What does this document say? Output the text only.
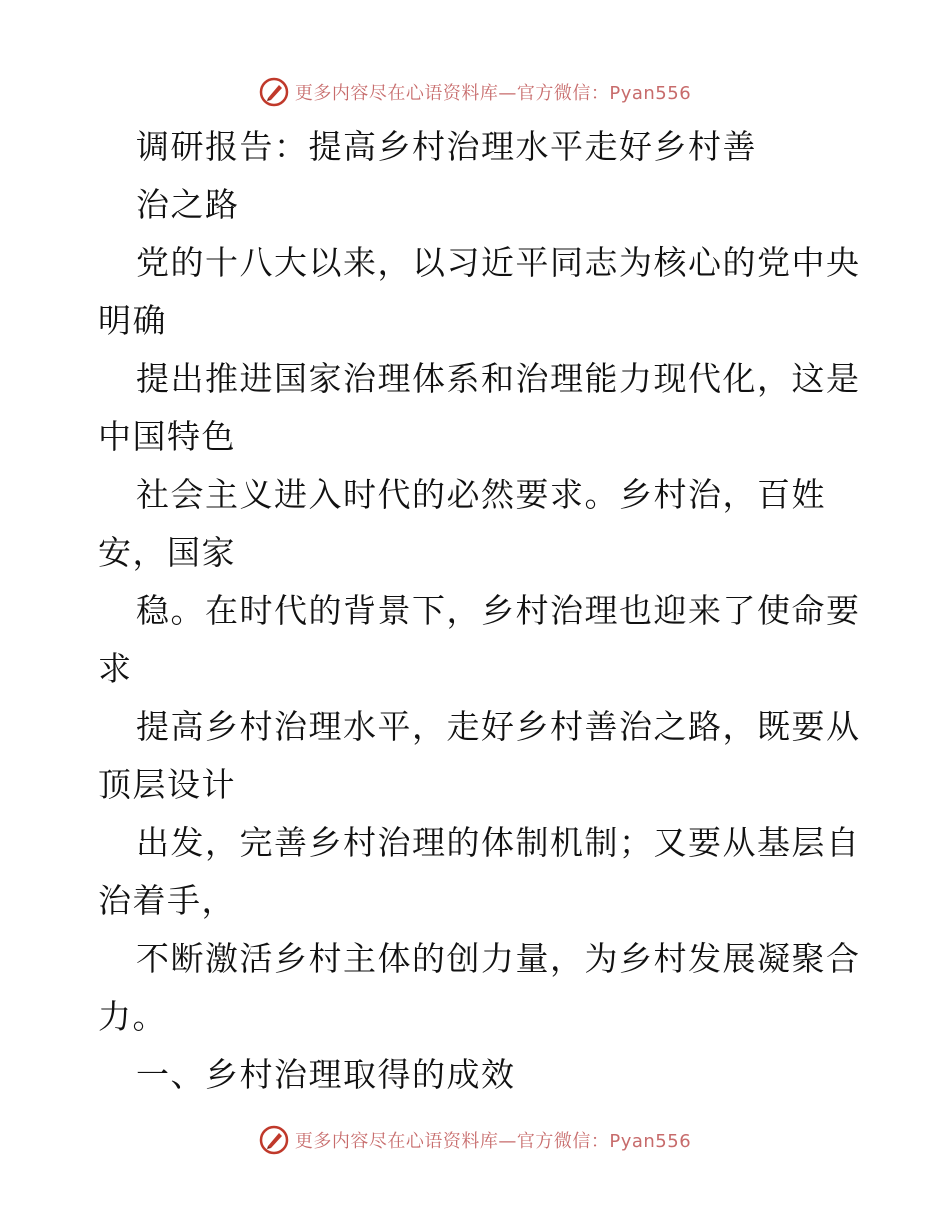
更多内容尽在心语资料库—官方微信：Pyan556
调研报告：提高乡村治理水平走好乡村善
治之路
党的十八大以来，以习近平同志为核心的党中央
明确
提出推进国家治理体系和治理能力现代化，这是
中国特色
社会主义进入时代的必然要求。乡村治，百姓
安，国家
稳。在时代的背景下，乡村治理也迎来了使命要
求
提高乡村治理水平，走好乡村善治之路，既要从
顶层设计
出发，完善乡村治理的体制机制；又要从基层自
治着手，
不断激活乡村主体的创力量，为乡村发展凝聚合
力。
一、乡村治理取得的成效
更多内容尽在心语资料库—官方微信：Pyan556
